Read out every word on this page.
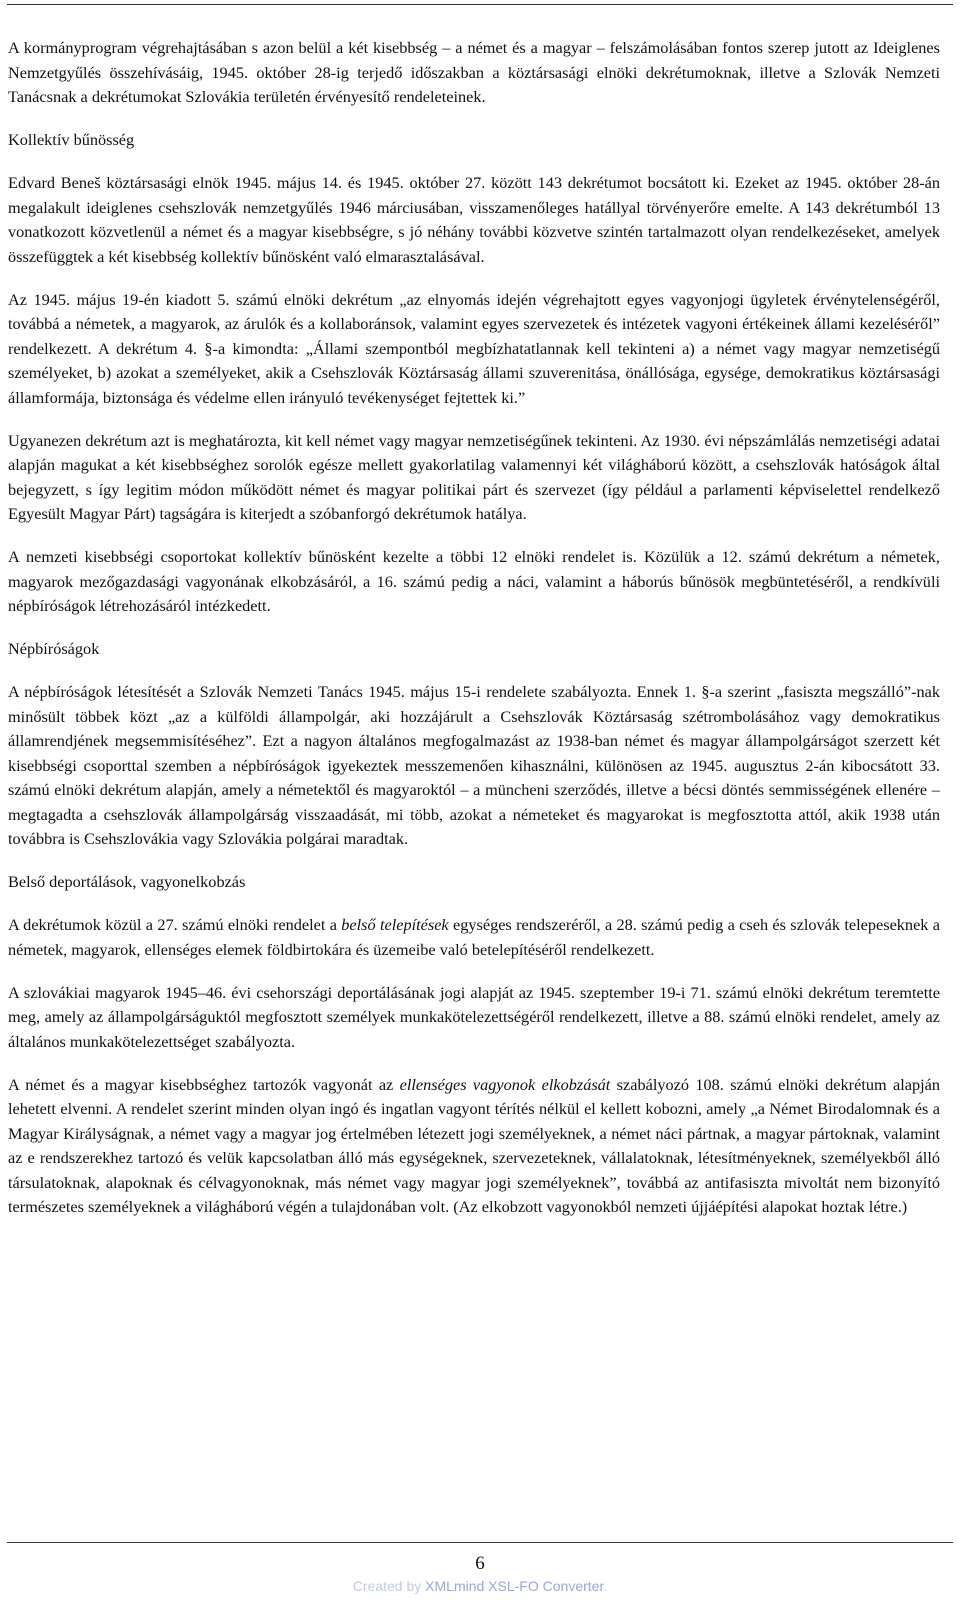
A kormányprogram végrehajtásában s azon belül a két kisebbség – a német és a magyar – felszámolásában fontos szerep jutott az Ideiglenes Nemzetgyűlés összehívásáig, 1945. október 28-ig terjedő időszakban a köztársasági elnöki dekrétumoknak, illetve a Szlovák Nemzeti Tanácsnak a dekrétumokat Szlovákia területén érvényesítő rendeleteinek.

Kollektív bűnösség

Edvard Beneš köztársasági elnök 1945. május 14. és 1945. október 27. között 143 dekrétumot bocsátott ki. Ezeket az 1945. október 28-án megalakult ideiglenes csehszlovák nemzetgyűlés 1946 márciusában, visszamenőleges hatállyal törvényerőre emelte. A 143 dekrétumból 13 vonatkozott közvetlenül a német és a magyar kisebbségre, s jó néhány további közvetve szintén tartalmazott olyan rendelkezéseket, amelyek összefüggtek a két kisebbség kollektív bűnösként való elmarasztalásával.

Az 1945. május 19-én kiadott 5. számú elnöki dekrétum „az elnyomás idején végrehajtott egyes vagyonjogi ügyletek érvénytelenségéről, továbbá a németek, a magyarok, az árulók és a kollaboránsok, valamint egyes szervezetek és intézetek vagyoni értékeinek állami kezeléséről” rendelkezett. A dekrétum 4. §-a kimondta: „Állami szempontból megbízhatatlannak kell tekinteni a) a német vagy magyar nemzetiségű személyeket, b) azokat a személyeket, akik a Csehszlovák Köztársaság állami szuverenitása, önállósága, egysége, demokratikus köztársasági államformája, biztonsága és védelme ellen irányuló tevékenységet fejtettek ki.”

Ugyanezen dekrétum azt is meghatározta, kit kell német vagy magyar nemzetiségűnek tekinteni. Az 1930. évi népszámlálás nemzetiségi adatai alapján magukat a két kisebbséghez sorolók egésze mellett gyakorlatilag valamennyi két világháború között, a csehszlovák hatóságok által bejegyzett, s így legitim módon működött német és magyar politikai párt és szervezet (így például a parlamenti képviselettel rendelkező Egyesült Magyar Párt) tagságára is kiterjedt a szóbanforgó dekrétumok hatálya.

A nemzeti kisebbségi csoportokat kollektív bűnösként kezelte a többi 12 elnöki rendelet is. Közülük a 12. számú dekrétum a németek, magyarok mezőgazdasági vagyonának elkobzásáról, a 16. számú pedig a náci, valamint a háborús bűnösök megbüntetéséről, a rendkívüli népbíróságok létrehozásáról intézkedett.

Népbíróságok

A népbíróságok létesítését a Szlovák Nemzeti Tanács 1945. május 15-i rendelete szabályozta. Ennek 1. §-a szerint „fasiszta megszálló”-nak minősült többek közt „az a külföldi állampolgár, aki hozzájárult a Csehszlovák Köztársaság szétrombolásához vagy demokratikus államrendjének megsemmisítéséhez”. Ezt a nagyon általános megfogalmazást az 1938-ban német és magyar állampolgárságot szerzett két kisebbségi csoporttal szemben a népbíróságok igyekeztek messzemenően kihasználni, különösen az 1945. augusztus 2-án kibocsátott 33. számú elnöki dekrétum alapján, amely a németektől és magyaroktól – a müncheni szerződés, illetve a bécsi döntés semmisségének ellenére – megtagadta a csehszlovák állampolgárság visszaadását, mi több, azokat a németeket és magyarokat is megfosztotta attól, akik 1938 után továbbra is Csehszlovákia vagy Szlovákia polgárai maradtak.

Belső deportálások, vagyonelkobzás

A dekrétumok közül a 27. számú elnöki rendelet a belső telepítések egységes rendszeréről, a 28. számú pedig a cseh és szlovák telepeseknek a németek, magyarok, ellenséges elemek földbirtokára és üzemeibe való betelepítéséről rendelkezett.

A szlovákiai magyarok 1945–46. évi csehországi deportálásának jogi alapját az 1945. szeptember 19-i 71. számú elnöki dekrétum teremtette meg, amely az állampolgárságuktól megfosztott személyek munkakötelezettségéről rendelkezett, illetve a 88. számú elnöki rendelet, amely az általános munkakötelezettséget szabályozta.

A német és a magyar kisebbséghez tartozók vagyonát az ellenséges vagyonok elkobzását szabályozó 108. számú elnöki dekrétum alapján lehetett elvenni. A rendelet szerint minden olyan ingó és ingatlan vagyont térítés nélkül el kellett kobozni, amely „a Német Birodalomnak és a Magyar Királyságnak, a német vagy a magyar jog értelmében létezett jogi személyeknek, a német náci pártnak, a magyar pártoknak, valamint az e rendszerekhez tartozó és velük kapcsolatban álló más egységeknek, szervezeteknek, vállalatoknak, létesítményeknek, személyekből álló társulatoknak, alapoknak és célvagyonoknak, más német vagy magyar jogi személyeknek”, továbbá az antifasiszta mivoltát nem bizonyító természetes személyeknek a világháború végén a tulajdonában volt. (Az elkobzott vagyonokból nemzeti újjáépítési alapokat hoztak létre.)

6
Created by XMLmind XSL-FO Converter.
